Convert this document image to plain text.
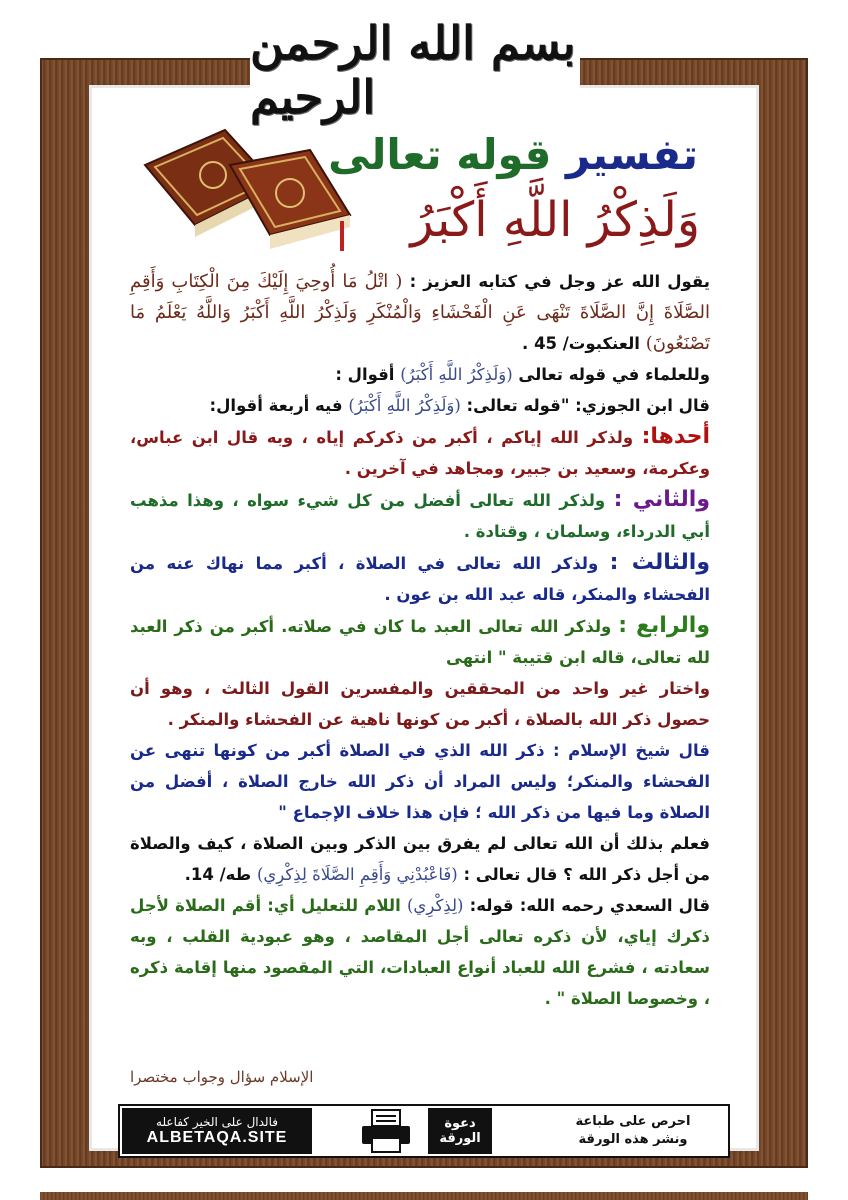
بسم الله الرحمن الرحيم
تفسير قوله تعالى
وَلَذِكْرُ اللَّهِ أَكْبَرُ

يقول الله عز وجل في كتابه العزيز : ( اتْلُ مَا أُوحِيَ إِلَيْكَ مِنَ الْكِتَابِ وَأَقِمِ الصَّلَاةَ إِنَّ الصَّلَاةَ تَنْهَى عَنِ الْفَحْشَاءِ وَالْمُنْكَرِ وَلَذِكْرُ اللَّهِ أَكْبَرُ وَاللَّهُ يَعْلَمُ مَا تَصْنَعُونَ) العنكبوت/ 45 .

وللعلماء في قوله تعالى (وَلَذِكْرُ اللَّهِ أَكْبَرُ) أقوال :

قال ابن الجوزي: "قوله تعالى: (وَلَذِكْرُ اللَّهِ أَكْبَرُ) فيه أربعة أقوال:

أحدها: ولذكر الله إياكم ، أكبر من ذكركم إياه ، وبه قال ابن عباس، وعكرمة، وسعيد بن جبير، ومجاهد في آخرين .

والثاني : ولذكر الله تعالى أفضل من كل شيء سواه ، وهذا مذهب أبي الدرداء، وسلمان ، وقتادة .

والثالث : ولذكر الله تعالى في الصلاة ، أكبر مما نهاك عنه من الفحشاء والمنكر، قاله عبد الله بن عون .

والرابع : ولذكر الله تعالى العبد ما كان في صلاته. أكبر من ذكر العبد لله تعالى، قاله ابن قتيبة " انتهى

واختار غير واحد من المحققين والمفسرين القول الثالث ، وهو أن حصول ذكر الله بالصلاة ، أكبر من كونها ناهية عن الفحشاء والمنكر .

قال شيخ الإسلام : ذكر الله الذي في الصلاة أكبر من كونها تنهى عن الفحشاء والمنكر؛ وليس المراد أن ذكر الله خارج الصلاة ، أفضل من الصلاة وما فيها من ذكر الله ؛ فإن هذا خلاف الإجماع "

فعلم بذلك أن الله تعالى لم يفرق بين الذكر وبين الصلاة ، كيف والصلاة من أجل ذكر الله ؟ قال تعالى : (فَاعْبُدْنِي وَأَقِمِ الصَّلَاةَ لِذِكْرِي) طه/ 14.

قال السعدي رحمه الله: قوله: (لِذِكْرِي) اللام للتعليل أي: أقم الصلاة لأجل ذكرك إياي، لأن ذكره تعالى أجل المقاصد ، وهو عبودية القلب ، وبه سعادته ، فشرع الله للعباد أنواع العبادات، التي المقصود منها إقامة ذكره ، وخصوصا الصلاة " .

الإسلام سؤال وجواب مختصرا
فالدال على الخير كفاعله
ALBETAQA.SITE
دعوة
الورقة
احرص على طباعة
ونشر هذه الورقة
